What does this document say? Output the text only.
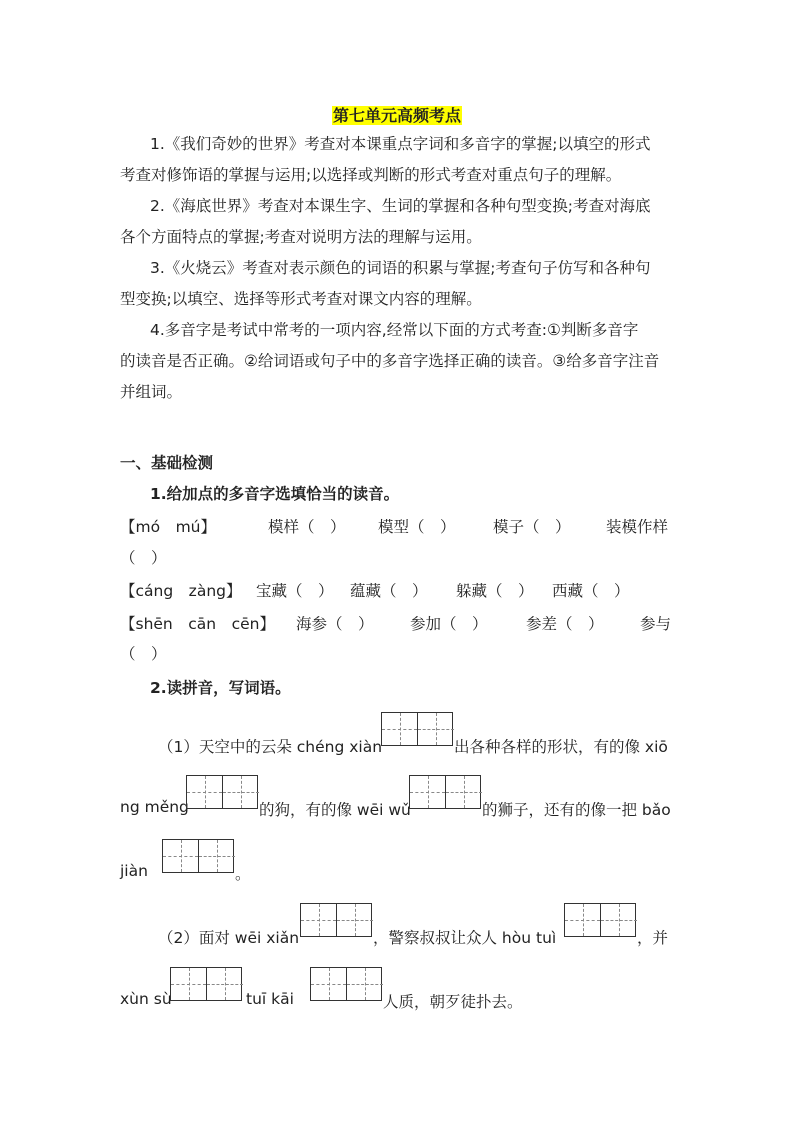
第七单元高频考点
1.《我们奇妙的世界》考查对本课重点字词和多音字的掌握;以填空的形式
考查对修饰语的掌握与运用;以选择或判断的形式考查对重点句子的理解。
2.《海底世界》考查对本课生字、生词的掌握和各种句型变换;考查对海底
各个方面特点的掌握;考查对说明方法的理解与运用。
3.《火烧云》考查对表示颜色的词语的积累与掌握;考查句子仿写和各种句
型变换;以填空、选择等形式考查对课文内容的理解。
4.多音字是考试中常考的一项内容,经常以下面的方式考查:①判断多音字
的读音是否正确。②给词语或句子中的多音字选择正确的读音。③给多音字注音
并组词。
一、基础检测
1.给加点的多音字选填恰当的读音。
【mó　mú】	模样（　） 模型（　） 模子（　） 装模作样
（　）
【cáng　zàng】 宝藏（　） 蕴藏（　） 躲藏（　） 西藏（　）
【shēn　cān　cēn】 海参（　） 参加（　） 参差（　） 参与
（　）
2.读拼音，写词语。
（1）天空中的云朵 chéng xiàn	出各种各样的形状，有的像 xiō
ng měng	的狗，有的像 wēi wǔ	的狮子，还有的像一把 bǎo
jiàn	。
（2）面对 wēi xiǎn	，警察叔叔让众人 hòu tuì	，并
xùn sù	tuī kāi	人质，朝歹徒扑去。
